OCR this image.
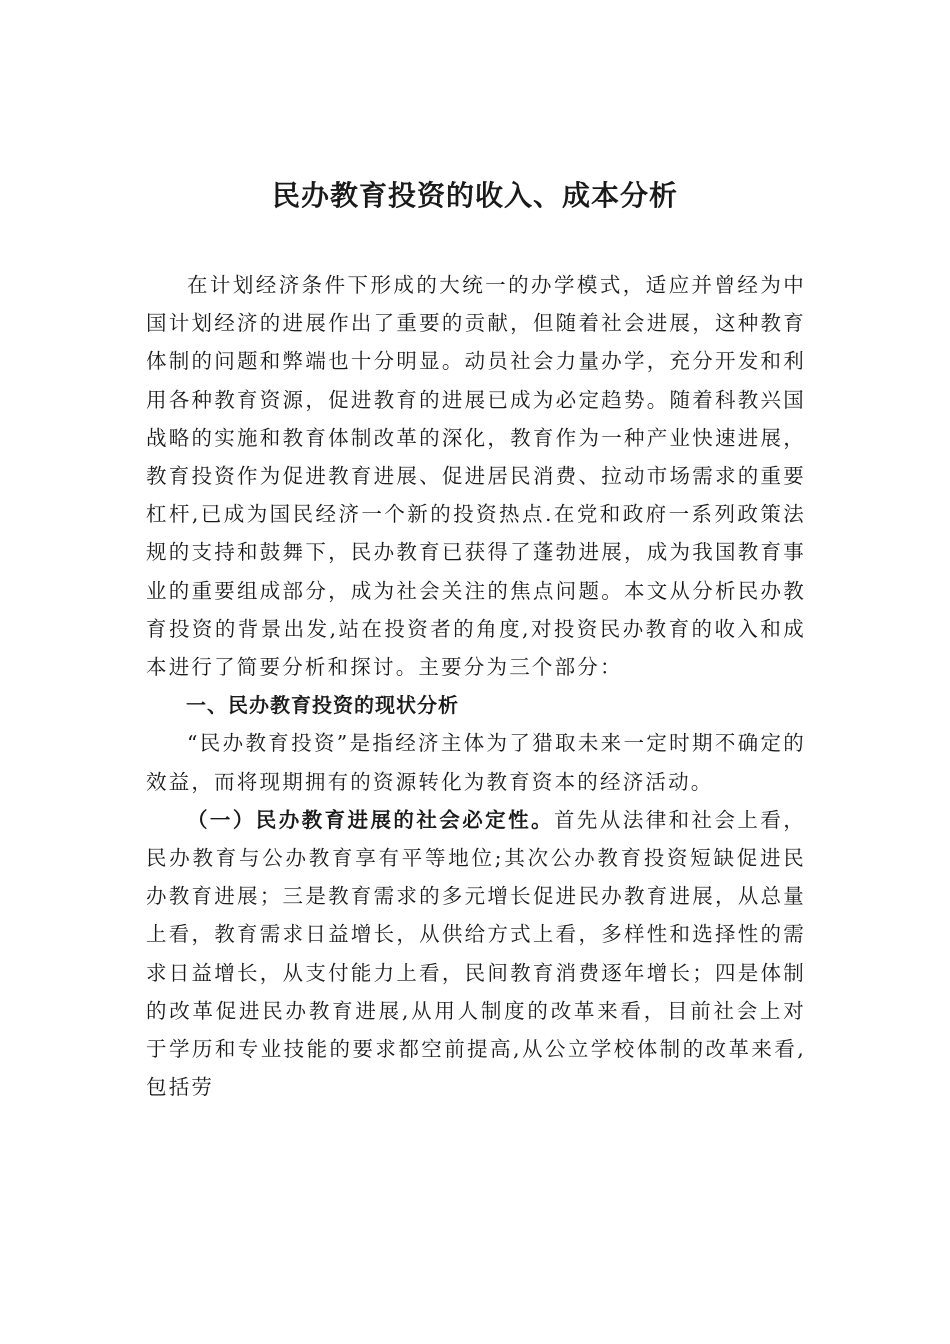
民办教育投资的收入、成本分析

在计划经济条件下形成的大统一的办学模式，适应并曾经为中国计划经济的进展作出了重要的贡献，但随着社会进展，这种教育体制的问题和弊端也十分明显。动员社会力量办学，充分开发和利用各种教育资源，促进教育的进展已成为必定趋势。随着科教兴国战略的实施和教育体制改革的深化，教育作为一种产业快速进展，教育投资作为促进教育进展、促进居民消费、拉动市场需求的重要杠杆,已成为国民经济一个新的投资热点.在党和政府一系列政策法规的支持和鼓舞下，民办教育已获得了蓬勃进展，成为我国教育事业的重要组成部分，成为社会关注的焦点问题。本文从分析民办教育投资的背景出发,站在投资者的角度,对投资民办教育的收入和成本进行了简要分析和探讨。主要分为三个部分：

一、民办教育投资的现状分析

“民办教育投资”是指经济主体为了猎取未来一定时期不确定的效益，而将现期拥有的资源转化为教育资本的经济活动。

（一）民办教育进展的社会必定性。首先从法律和社会上看，民办教育与公办教育享有平等地位;其次公办教育投资短缺促进民办教育进展；三是教育需求的多元增长促进民办教育进展，从总量上看，教育需求日益增长，从供给方式上看，多样性和选择性的需求日益增长，从支付能力上看，民间教育消费逐年增长；四是体制的改革促进民办教育进展,从用人制度的改革来看，目前社会上对于学历和专业技能的要求都空前提高,从公立学校体制的改革来看,包括劳
